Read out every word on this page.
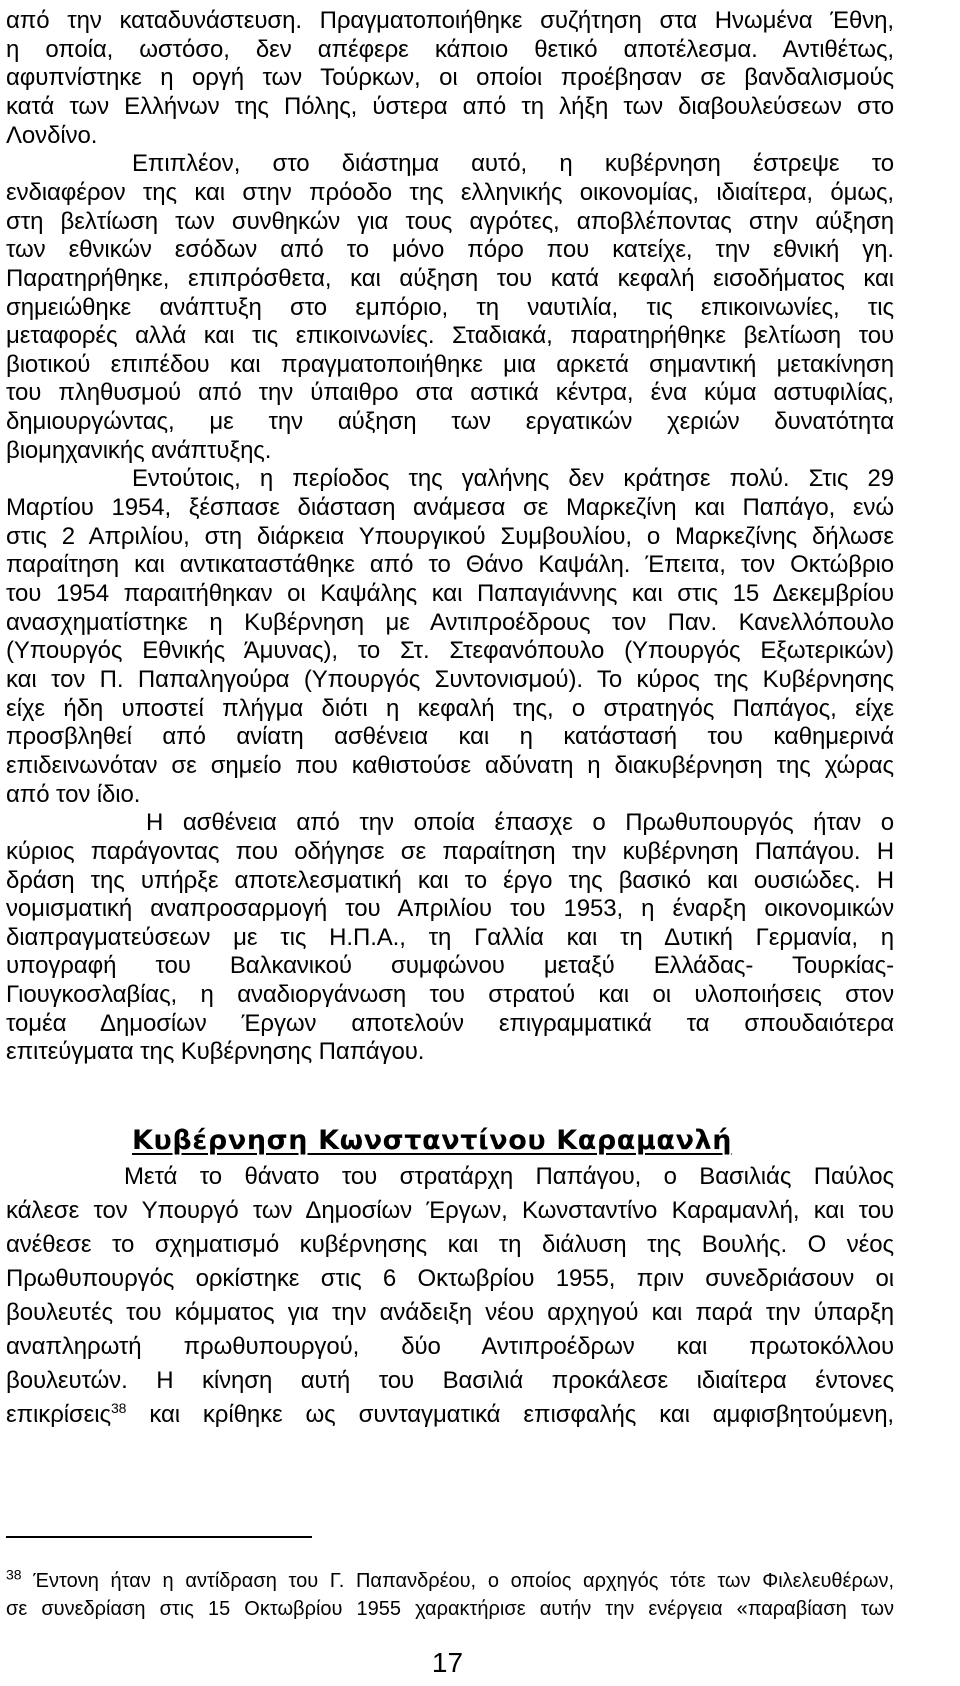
από την καταδυνάστευση. Πραγματοποιήθηκε συζήτηση στα Ηνωμένα Έθνη,
η οποία, ωστόσο, δεν απέφερε κάποιο θετικό αποτέλεσμα. Αντιθέτως,
αφυπνίστηκε η οργή των Τούρκων, οι οποίοι προέβησαν σε βανδαλισμούς
κατά των Ελλήνων της Πόλης, ύστερα από τη λήξη των διαβουλεύσεων στο
Λονδίνο.
Επιπλέον, στο διάστημα αυτό, η κυβέρνηση έστρεψε το
ενδιαφέρον της και στην πρόοδο της ελληνικής οικονομίας, ιδιαίτερα, όμως,
στη βελτίωση των συνθηκών για τους αγρότες, αποβλέποντας στην αύξηση
των εθνικών εσόδων από το μόνο πόρο που κατείχε, την εθνική γη.
Παρατηρήθηκε, επιπρόσθετα, και αύξηση του κατά κεφαλή εισοδήματος και
σημειώθηκε ανάπτυξη στο εμπόριο, τη ναυτιλία, τις επικοινωνίες, τις
μεταφορές αλλά και τις επικοινωνίες. Σταδιακά, παρατηρήθηκε βελτίωση του
βιοτικού επιπέδου και πραγματοποιήθηκε μια αρκετά σημαντική μετακίνηση
του πληθυσμού από την ύπαιθρο στα αστικά κέντρα, ένα κύμα αστυφιλίας,
δημιουργώντας, με την αύξηση των εργατικών χεριών δυνατότητα
βιομηχανικής ανάπτυξης.
Εντούτοις, η περίοδος της γαλήνης δεν κράτησε πολύ. Στις 29
Μαρτίου 1954, ξέσπασε διάσταση ανάμεσα σε Μαρκεζίνη και Παπάγο, ενώ
στις 2 Απριλίου, στη διάρκεια Υπουργικού Συμβουλίου, ο Μαρκεζίνης δήλωσε
παραίτηση και αντικαταστάθηκε από το Θάνο Καψάλη. Έπειτα, τον Οκτώβριο
του 1954 παραιτήθηκαν οι Καψάλης και Παπαγιάννης και στις 15 Δεκεμβρίου
ανασχηματίστηκε η Κυβέρνηση με Αντιπροέδρους τον Παν. Κανελλόπουλο
(Υπουργός Εθνικής Άμυνας), το Στ. Στεφανόπουλο (Υπουργός Εξωτερικών)
και τον Π. Παπαληγούρα (Υπουργός Συντονισμού). Το κύρος της Κυβέρνησης
είχε ήδη υποστεί πλήγμα διότι η κεφαλή της, ο στρατηγός Παπάγος, είχε
προσβληθεί από ανίατη ασθένεια και η κατάστασή του καθημερινά
επιδεινωνόταν σε σημείο που καθιστούσε αδύνατη η διακυβέρνηση της χώρας
από τον ίδιο.
Η ασθένεια από την οποία έπασχε ο Πρωθυπουργός ήταν ο
κύριος παράγοντας που οδήγησε σε παραίτηση την κυβέρνηση Παπάγου. Η
δράση της υπήρξε αποτελεσματική και το έργο της βασικό και ουσιώδες. Η
νομισματική αναπροσαρμογή του Απριλίου του 1953, η έναρξη οικονομικών
διαπραγματεύσεων με τις Η.Π.Α., τη Γαλλία και τη Δυτική Γερμανία, η
υπογραφή του Βαλκανικού συμφώνου μεταξύ Ελλάδας- Τουρκίας-
Γιουγκοσλαβίας, η αναδιοργάνωση του στρατού και οι υλοποιήσεις στον
τομέα Δημοσίων Έργων αποτελούν επιγραμματικά τα σπουδαιότερα
επιτεύγματα της Κυβέρνησης Παπάγου.
Κυβέρνηση Κωνσταντίνου Καραμανλή
Μετά το θάνατο του στρατάρχη Παπάγου, ο Βασιλιάς Παύλος
κάλεσε τον Υπουργό των Δημοσίων Έργων, Κωνσταντίνο Καραμανλή, και του
ανέθεσε το σχηματισμό κυβέρνησης και τη διάλυση της Βουλής. Ο νέος
Πρωθυπουργός ορκίστηκε στις 6 Οκτωβρίου 1955, πριν συνεδριάσουν οι
βουλευτές του κόμματος για την ανάδειξη νέου αρχηγού και παρά την ύπαρξη
αναπληρωτή πρωθυπουργού, δύο Αντιπροέδρων και πρωτοκόλλου
βουλευτών. Η κίνηση αυτή του Βασιλιά προκάλεσε ιδιαίτερα έντονες
επικρίσεις$^{38}$ και κρίθηκε ως συνταγματικά επισφαλής και αμφισβητούμενη,
$^{38}$ Έντονη ήταν η αντίδραση του Γ. Παπανδρέου, ο οποίος αρχηγός τότε των Φιλελευθέρων,
σε συνεδρίαση στις 15 Οκτωβρίου 1955 χαρακτήρισε αυτήν την ενέργεια «παραβίαση των
17
